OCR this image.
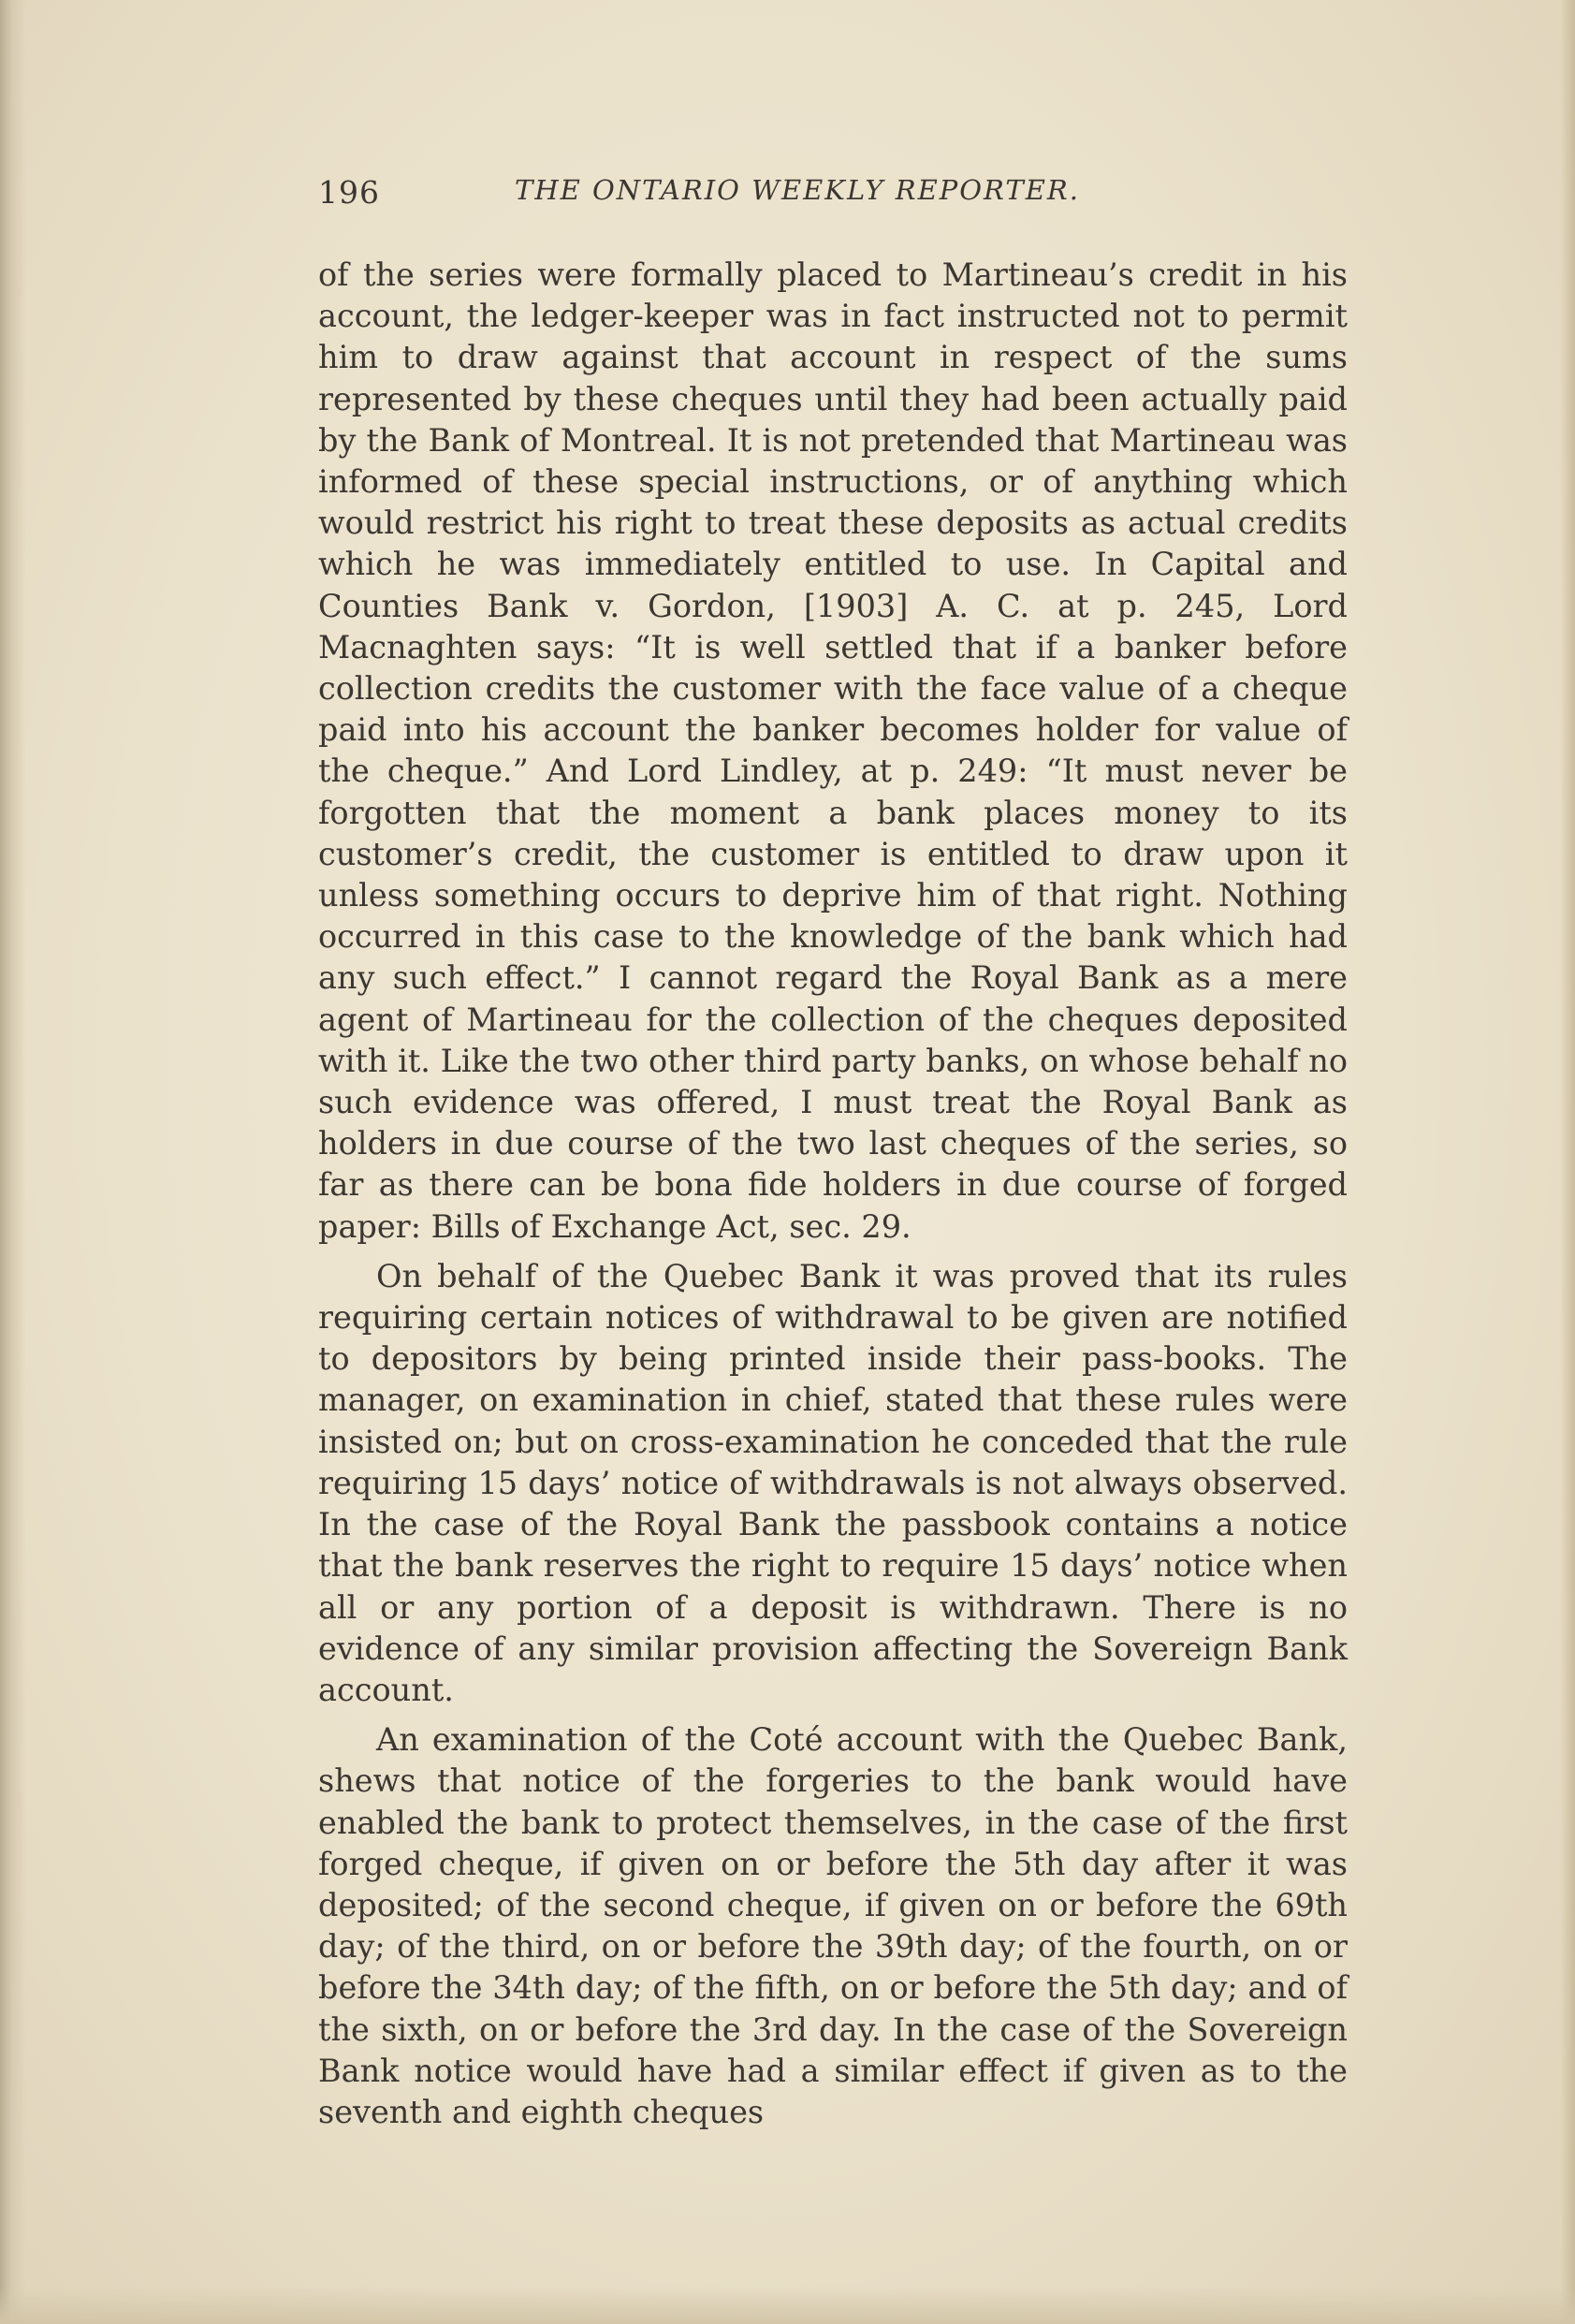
196	THE ONTARIO WEEKLY REPORTER.

of the series were formally placed to Martineau’s credit in his account, the ledger-keeper was in fact instructed not to permit him to draw against that account in respect of the sums represented by these cheques until they had been actually paid by the Bank of Montreal. It is not pretended that Martineau was informed of these special instructions, or of anything which would restrict his right to treat these deposits as actual credits which he was immediately entitled to use. In Capital and Counties Bank v. Gordon, [1903] A. C. at p. 245, Lord Macnaghten says: “It is well settled that if a banker before collection credits the customer with the face value of a cheque paid into his account the banker becomes holder for value of the cheque.” And Lord Lindley, at p. 249: “It must never be forgotten that the moment a bank places money to its customer’s credit, the customer is entitled to draw upon it unless something occurs to deprive him of that right. Nothing occurred in this case to the knowledge of the bank which had any such effect.” I cannot regard the Royal Bank as a mere agent of Martineau for the collection of the cheques deposited with it. Like the two other third party banks, on whose behalf no such evidence was offered, I must treat the Royal Bank as holders in due course of the two last cheques of the series, so far as there can be bona fide holders in due course of forged paper: Bills of Exchange Act, sec. 29.

On behalf of the Quebec Bank it was proved that its rules requiring certain notices of withdrawal to be given are notified to depositors by being printed inside their pass-books. The manager, on examination in chief, stated that these rules were insisted on; but on cross-examination he conceded that the rule requiring 15 days’ notice of withdrawals is not always observed. In the case of the Royal Bank the passbook contains a notice that the bank reserves the right to require 15 days’ notice when all or any portion of a deposit is withdrawn. There is no evidence of any similar provision affecting the Sovereign Bank account.

An examination of the Coté account with the Quebec Bank, shews that notice of the forgeries to the bank would have enabled the bank to protect themselves, in the case of the first forged cheque, if given on or before the 5th day after it was deposited; of the second cheque, if given on or before the 69th day; of the third, on or before the 39th day; of the fourth, on or before the 34th day; of the fifth, on or before the 5th day; and of the sixth, on or before the 3rd day. In the case of the Sovereign Bank notice would have had a similar effect if given as to the seventh and eighth cheques
